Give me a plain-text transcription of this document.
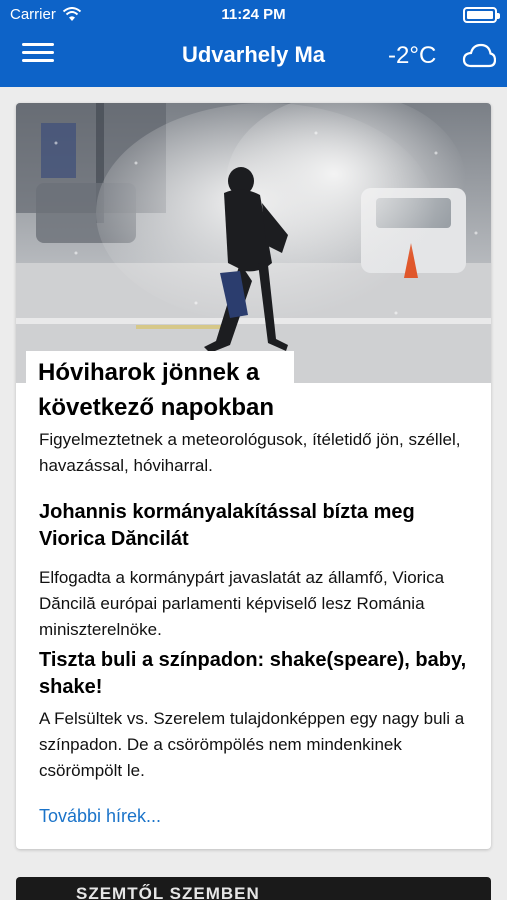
Carrier	11:24 PM
Udvarhely Ma	-2°C
Hóviharok jönnek a következő napokban
Figyelmeztetnek a meteorológusok, ítéletidő jön, széllel, havazással, hóviharral.
Johannis kormányalakítással bízta meg Viorica Dăncilát
Elfogadta a kormánypárt javaslatát az államfő, Viorica Dăncilă európai parlamenti képviselő lesz Románia miniszterelnöke.
Tiszta buli a színpadon: shake(speare), baby, shake!
A Felsültek vs. Szerelem tulajdonképpen egy nagy buli a színpadon. De a csörömpölés nem mindenkinek csörömpölt le.
További hírek...
SZEMTŐL SZEMBEN
